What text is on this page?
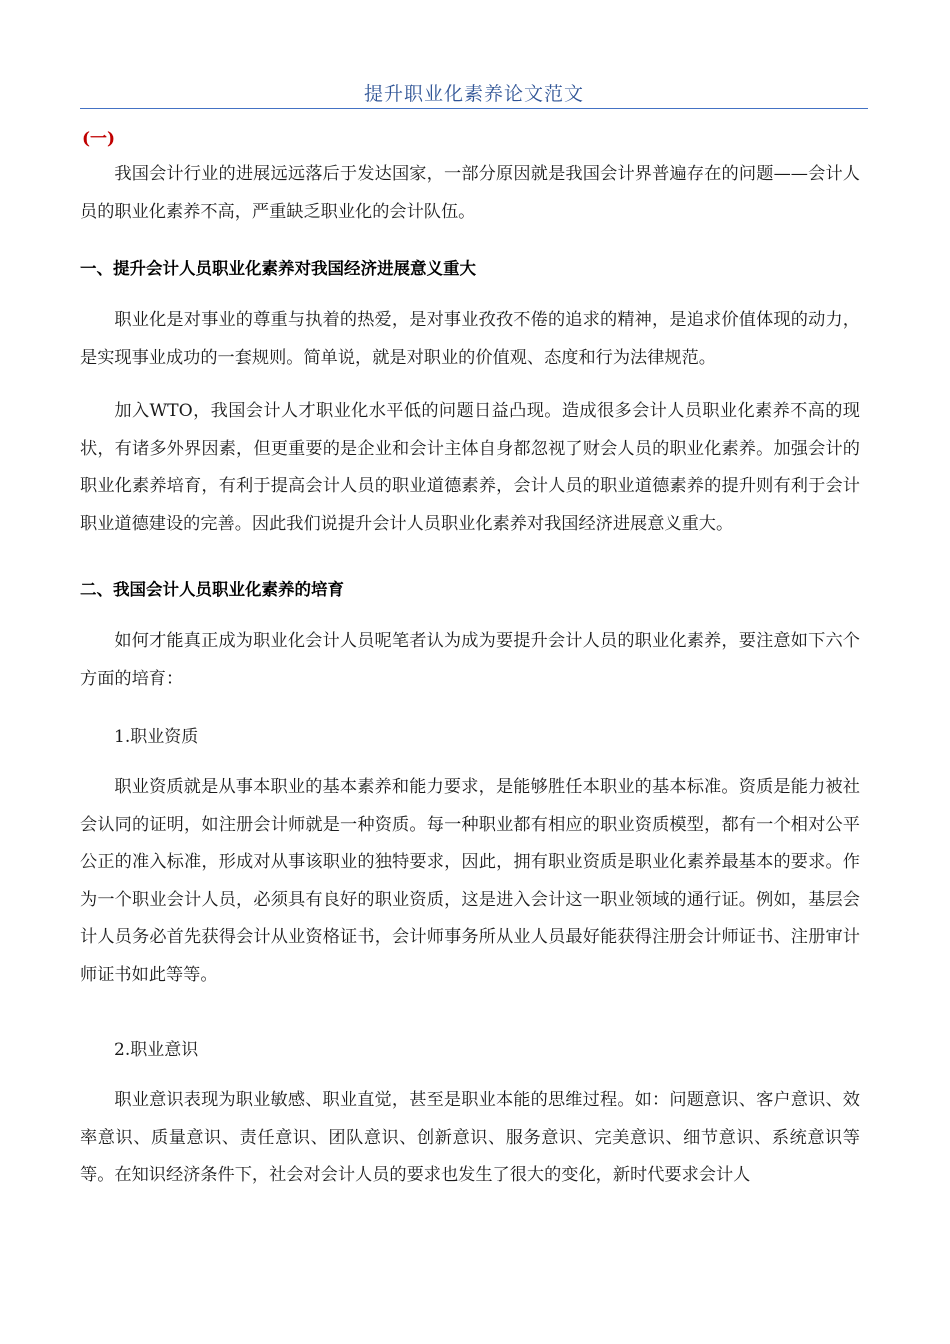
提升职业化素养论文范文
(一)

我国会计行业的进展远远落后于发达国家，一部分原因就是我国会计界普遍存在的问题——会计人员的职业化素养不高，严重缺乏职业化的会计队伍。

一、提升会计人员职业化素养对我国经济进展意义重大

职业化是对事业的尊重与执着的热爱，是对事业孜孜不倦的追求的精神，是追求价值体现的动力，是实现事业成功的一套规则。简单说，就是对职业的价值观、态度和行为法律规范。

加入WTO，我国会计人才职业化水平低的问题日益凸现。造成很多会计人员职业化素养不高的现状，有诸多外界因素，但更重要的是企业和会计主体自身都忽视了财会人员的职业化素养。加强会计的职业化素养培育，有利于提高会计人员的职业道德素养，会计人员的职业道德素养的提升则有利于会计职业道德建设的完善。因此我们说提升会计人员职业化素养对我国经济进展意义重大。

二、我国会计人员职业化素养的培育

如何才能真正成为职业化会计人员呢笔者认为成为要提升会计人员的职业化素养，要注意如下六个方面的培育：

1.职业资质

职业资质就是从事本职业的基本素养和能力要求，是能够胜任本职业的基本标准。资质是能力被社会认同的证明，如注册会计师就是一种资质。每一种职业都有相应的职业资质模型，都有一个相对公平公正的准入标准，形成对从事该职业的独特要求，因此，拥有职业资质是职业化素养最基本的要求。作为一个职业会计人员，必须具有良好的职业资质，这是进入会计这一职业领域的通行证。例如，基层会计人员务必首先获得会计从业资格证书，会计师事务所从业人员最好能获得注册会计师证书、注册审计师证书如此等等。

2.职业意识

职业意识表现为职业敏感、职业直觉，甚至是职业本能的思维过程。如：问题意识、客户意识、效率意识、质量意识、责任意识、团队意识、创新意识、服务意识、完美意识、细节意识、系统意识等等。在知识经济条件下，社会对会计人员的要求也发生了很大的变化，新时代要求会计人
